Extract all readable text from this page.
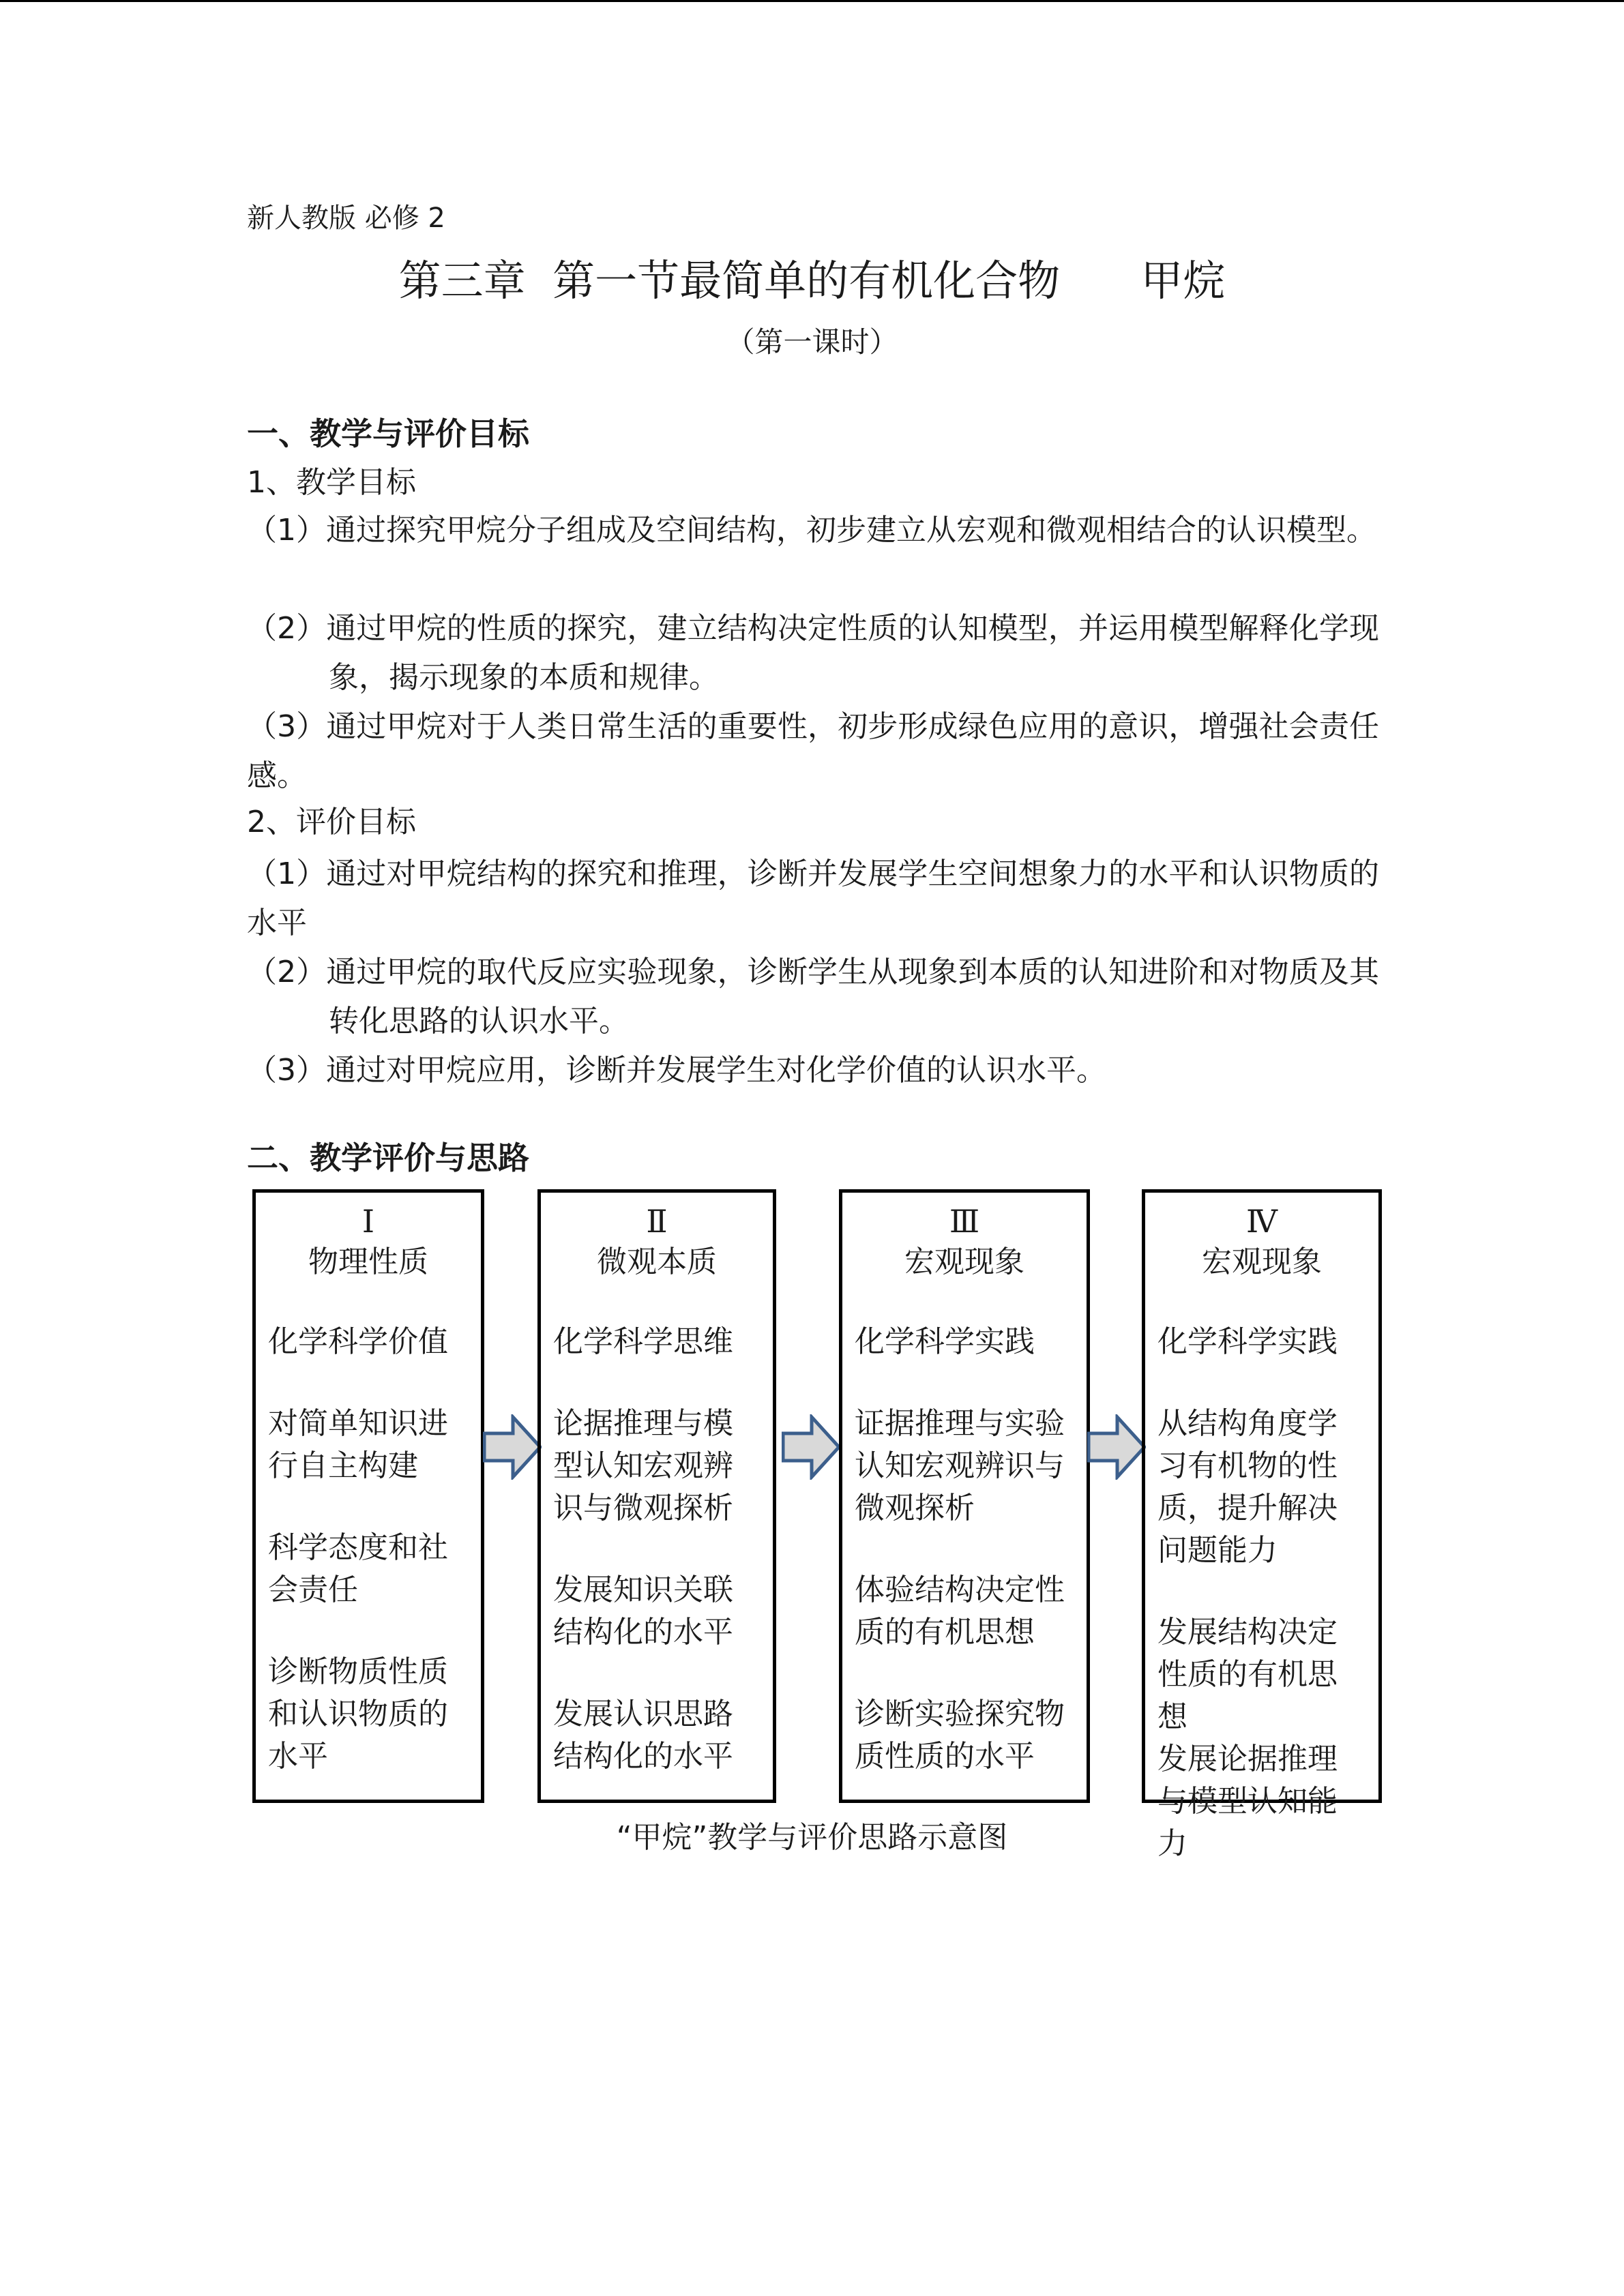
新人教版 必修 2
第三章  第一节最简单的有机化合物      甲烷
（第一课时）
一、教学与评价目标
1、教学目标
（1）通过探究甲烷分子组成及空间结构，初步建立从宏观和微观相结合的认识模型。
（2）通过甲烷的性质的探究，建立结构决定性质的认知模型，并运用模型解释化学现象，揭示现象的本质和规律。
（3）通过甲烷对于人类日常生活的重要性，初步形成绿色应用的意识，增强社会责任感。
2、评价目标
（1）通过对甲烷结构的探究和推理，诊断并发展学生空间想象力的水平和认识物质的水平
（2）通过甲烷的取代反应实验现象，诊断学生从现象到本质的认知进阶和对物质及其转化思路的认识水平。
（3）通过对甲烷应用，诊断并发展学生对化学价值的认识水平。
二、教学评价与思路
Ⅰ
物理性质
化学科学价值
对简单知识进行自主构建
科学态度和社会责任
诊断物质性质和认识物质的水平
Ⅱ
微观本质
化学科学思维
论据推理与模型认知宏观辨识与微观探析
发展知识关联结构化的水平
发展认识思路结构化的水平
Ⅲ
宏观现象
化学科学实践
证据推理与实验认知宏观辨识与微观探析
体验结构决定性质的有机思想
诊断实验探究物质性质的水平
Ⅳ
宏观现象
化学科学实践
从结构角度学习有机物的性质，提升解决问题能力
发展结构决定性质的有机思想
发展论据推理与模型认知能力
“甲烷”教学与评价思路示意图
